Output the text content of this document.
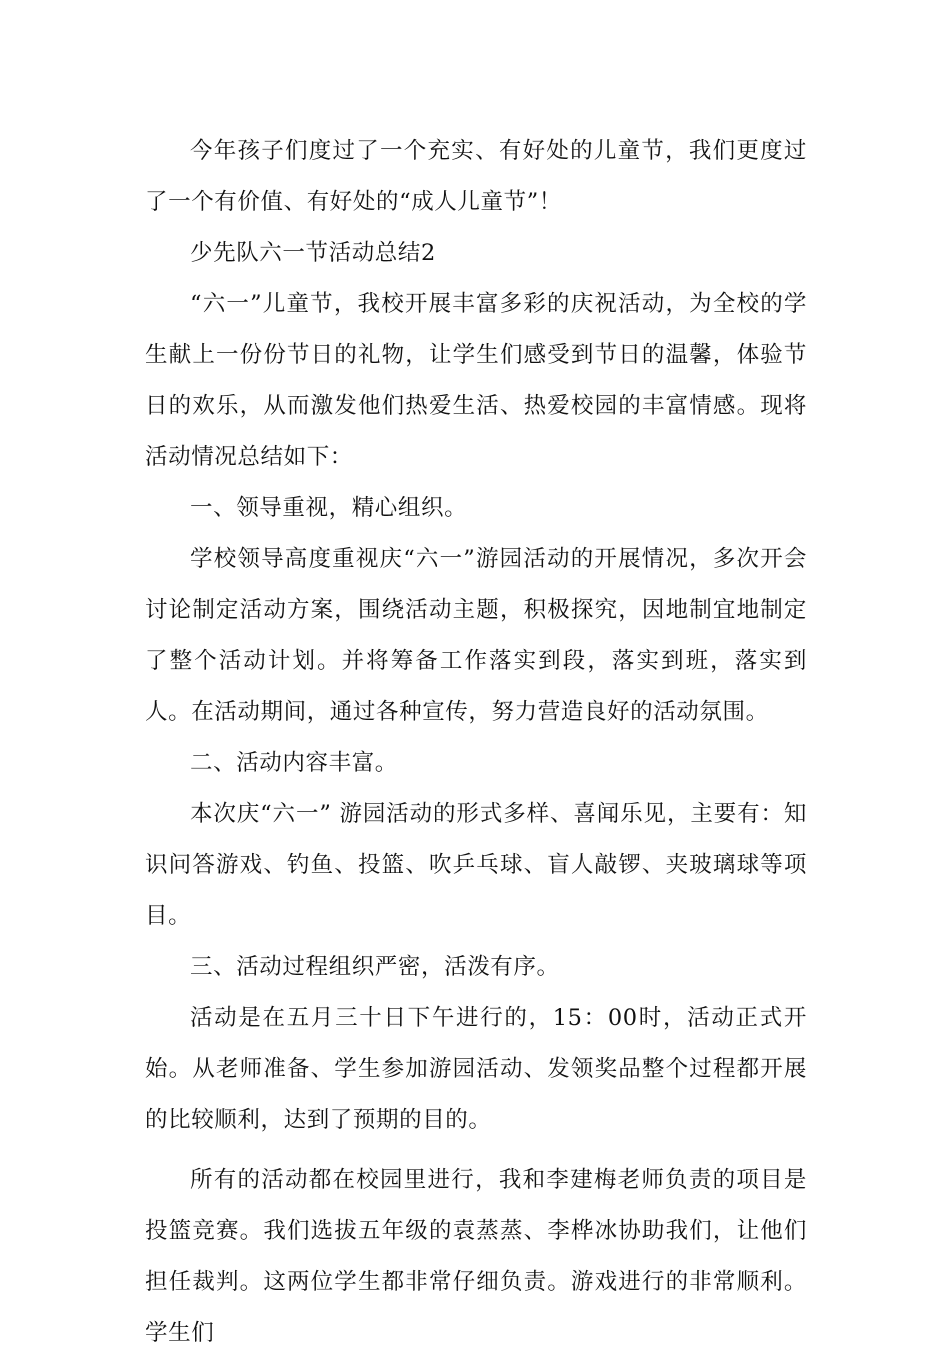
今年孩子们度过了一个充实、有好处的儿童节，我们更度过了一个有价值、有好处的“成人儿童节”！

少先队六一节活动总结2

“六一”儿童节，我校开展丰富多彩的庆祝活动，为全校的学生献上一份份节日的礼物，让学生们感受到节日的温馨，体验节日的欢乐，从而激发他们热爱生活、热爱校园的丰富情感。现将活动情况总结如下：

一、领导重视，精心组织。

学校领导高度重视庆“六一”游园活动的开展情况，多次开会讨论制定活动方案，围绕活动主题，积极探究，因地制宜地制定了整个活动计划。并将筹备工作落实到段，落实到班，落实到人。在活动期间，通过各种宣传，努力营造良好的活动氛围。

二、活动内容丰富。

本次庆“六一” 游园活动的形式多样、喜闻乐见，主要有：知识问答游戏、钓鱼、投篮、吹乒乓球、盲人敲锣、夹玻璃球等项目。

三、活动过程组织严密，活泼有序。

活动是在五月三十日下午进行的，15：00时，活动正式开始。从老师准备、学生参加游园活动、发领奖品整个过程都开展的比较顺利，达到了预期的目的。

所有的活动都在校园里进行，我和李建梅老师负责的项目是投篮竞赛。我们选拔五年级的袁蒸蒸、李桦冰协助我们，让他们担任裁判。这两位学生都非常仔细负责。游戏进行的非常顺利。学生们
